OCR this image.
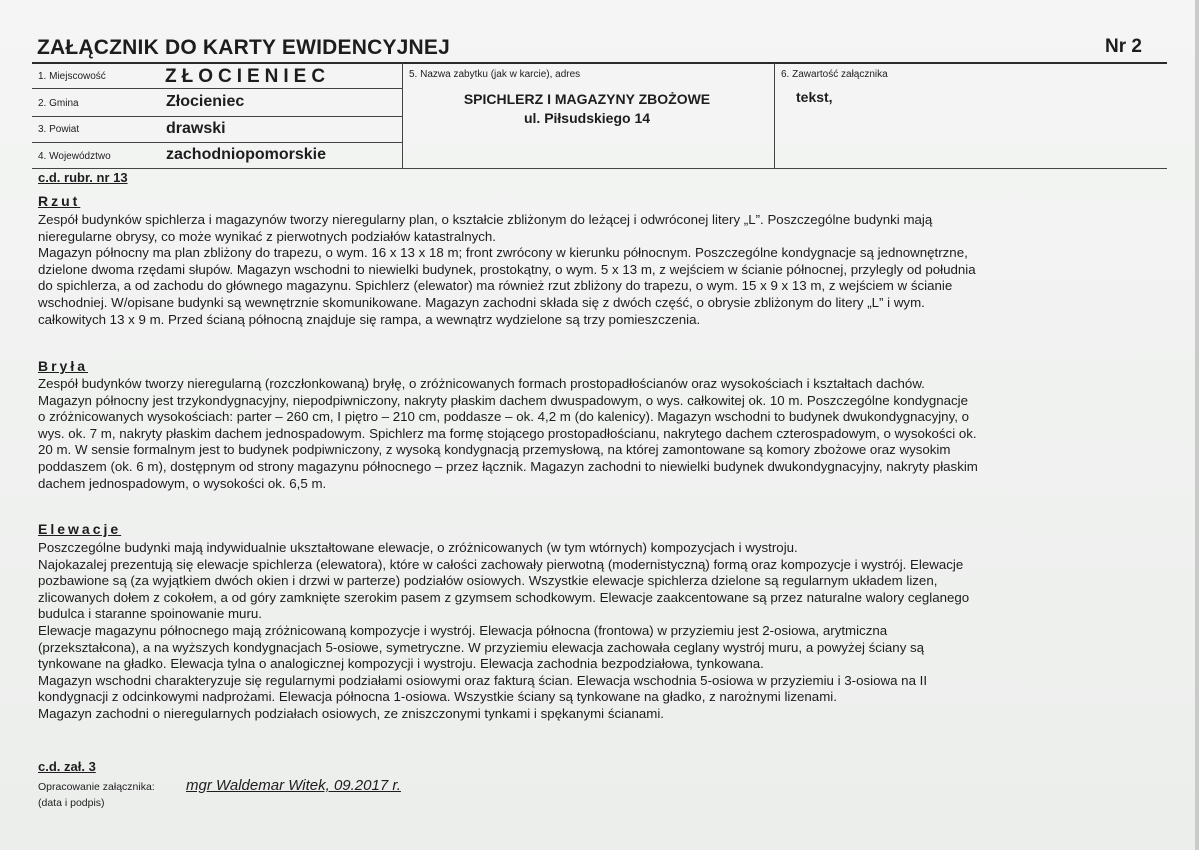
ZAŁĄCZNIK DO KARTY EWIDENCYJNEJ	Nr 2
1. Miejscowość	ZŁOCIENIEC
2. Gmina	Złocieniec
3. Powiat	drawski
4. Województwo	zachodniopomorskie
5. Nazwa zabytku (jak w karcie), adres
SPICHLERZ I MAGAZYNY ZBOŻOWE
ul. Piłsudskiego 14
6. Zawartość załącznika
tekst,
c.d. rubr. nr 13
Rzut
Zespół budynków spichlerza i magazynów tworzy nieregularny plan, o kształcie zbliżonym do leżącej i odwróconej litery „L”. Poszczególne budynki mają
nieregularne obrysy, co może wynikać z pierwotnych podziałów katastralnych.
Magazyn północny ma plan zbliżony do trapezu, o wym. 16 x 13 x 18 m; front zwrócony w kierunku północnym. Poszczególne kondygnacje są jednownętrzne,
dzielone dwoma rzędami słupów. Magazyn wschodni to niewielki budynek, prostokątny, o wym. 5 x 13 m, z wejściem w ścianie północnej, przylegly od południa
do spichlerza, a od zachodu do głównego magazynu. Spichlerz (elewator) ma również rzut zbliżony do trapezu, o wym. 15 x 9 x 13 m, z wejściem w ścianie
wschodniej. W/opisane budynki są wewnętrznie skomunikowane. Magazyn zachodni składa się z dwóch część, o obrysie zbliżonym do litery „L” i wym.
całkowitych 13 x 9 m. Przed ścianą północną znajduje się rampa, a wewnątrz wydzielone są trzy pomieszczenia.
Bryła
Zespół budynków tworzy nieregularną (rozczłonkowaną) bryłę, o zróżnicowanych formach prostopadłościanów oraz wysokościach i kształtach dachów.
Magazyn północny jest trzykondygnacyjny, niepodpiwniczony, nakryty płaskim dachem dwuspadowym, o wys. całkowitej ok. 10 m. Poszczególne kondygnacje
o zróżnicowanych wysokościach: parter – 260 cm, I piętro – 210 cm, poddasze – ok. 4,2 m (do kalenicy). Magazyn wschodni to budynek dwukondygnacyjny, o
wys. ok. 7 m, nakryty płaskim dachem jednospadowym. Spichlerz ma formę stojącego prostopadłościanu, nakrytego dachem czterospadowym, o wysokości ok.
20 m. W sensie formalnym jest to budynek podpiwniczony, z wysoką kondygnacją przemysłową, na której zamontowane są komory zbożowe oraz wysokim
poddaszem (ok. 6 m), dostępnym od strony magazynu północnego – przez łącznik. Magazyn zachodni to niewielki budynek dwukondygnacyjny, nakryty płaskim
dachem jednospadowym, o wysokości ok. 6,5 m.
Elewacje
Poszczególne budynki mają indywidualnie ukształtowane elewacje, o zróżnicowanych (w tym wtórnych) kompozycjach i wystroju.
Najokazalej prezentują się elewacje spichlerza (elewatora), które w całości zachowały pierwotną (modernistyczną) formą oraz kompozycje i wystrój. Elewacje
pozbawione są (za wyjątkiem dwóch okien i drzwi w parterze) podziałów osiowych. Wszystkie elewacje spichlerza dzielone są regularnym układem lizen,
zlicowanych dołem z cokołem, a od góry zamknięte szerokim pasem z gzymsem schodkowym. Elewacje zaakcentowane są przez naturalne walory ceglanego
budulca i staranne spoinowanie muru.
Elewacje magazynu północnego mają zróżnicowaną kompozycje i wystrój. Elewacja północna (frontowa) w przyziemiu jest 2-osiowa, arytmiczna
(przekształcona), a na wyższych kondygnacjach 5-osiowe, symetryczne. W przyziemiu elewacja zachowała ceglany wystrój muru, a powyżej ściany są
tynkowane na gładko. Elewacja tylna o analogicznej kompozycji i wystroju. Elewacja zachodnia bezpodziałowa, tynkowana.
Magazyn wschodni charakteryzuje się regularnymi podziałami osiowymi oraz fakturą ścian. Elewacja wschodnia 5-osiowa w przyziemiu i 3-osiowa na II
kondygnacji z odcinkowymi nadprożami. Elewacja północna 1-osiowa. Wszystkie ściany są tynkowane na gładko, z narożnymi lizenami.
Magazyn zachodni o nieregularnych podziałach osiowych, ze zniszczonymi tynkami i spękanymi ścianami.
c.d. zał. 3
Opracowanie załącznika:
(data i podpis)
mgr Waldemar Witek, 09.2017 r.
